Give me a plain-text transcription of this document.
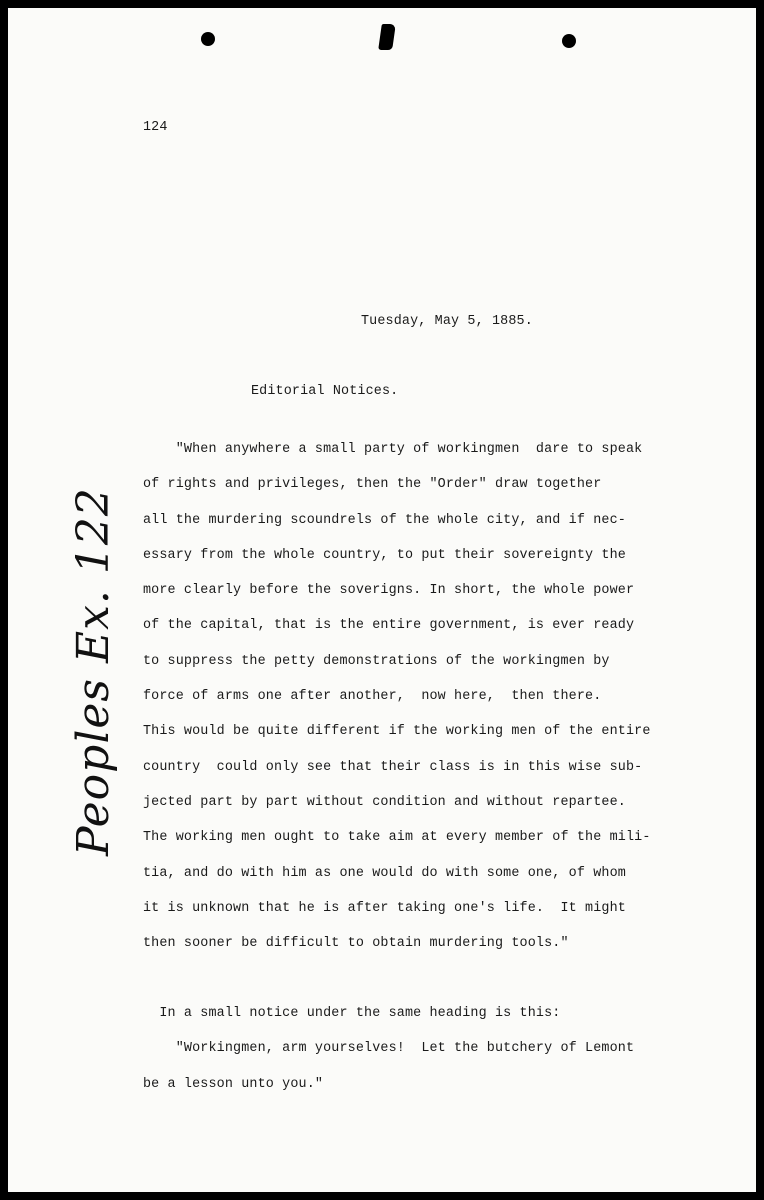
124

Tuesday, May 5, 1885.

Editorial Notices.

"When anywhere a small party of workingmen  dare to speak
of rights and privileges, then the "Order" draw together
all the murdering scoundrels of the whole city, and if nec-
essary from the whole country, to put their sovereignty the
more clearly before the soverigns. In short, the whole power
of the capital, that is the entire government, is ever ready
to suppress the petty demonstrations of the workingmen by
force of arms one after another,  now here,  then there.
This would be quite different if the working men of the entire
country  could only see that their class is in this wise sub-
jected part by part without condition and without repartee.
The working men ought to take aim at every member of the mili-
tia, and do with him as one would do with some one, of whom
it is unknown that he is after taking one's life.  It might
then sooner be difficult to obtain murdering tools."
In a small notice under the same heading is this:
"Workingmen, arm yourselves!  Let the butchery of Lemont
be a lesson unto you."
Peoples Ex. 122
